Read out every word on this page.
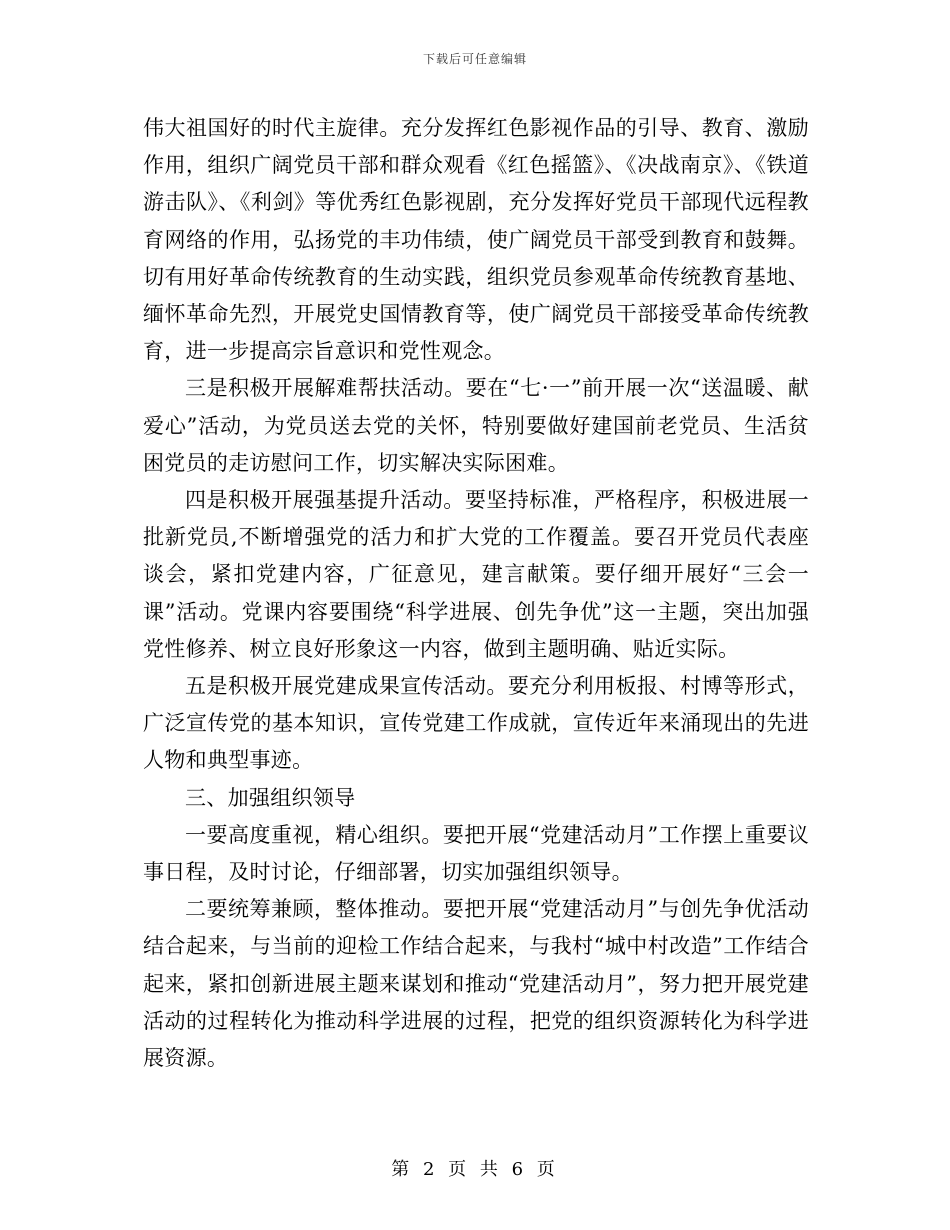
下载后可任意编辑

伟大祖国好的时代主旋律。充分发挥红色影视作品的引导、教育、激励作用，组织广阔党员干部和群众观看《红色摇篮》、《决战南京》、《铁道游击队》、《利剑》等优秀红色影视剧，充分发挥好党员干部现代远程教育网络的作用，弘扬党的丰功伟绩，使广阔党员干部受到教育和鼓舞。切有用好革命传统教育的生动实践，组织党员参观革命传统教育基地、缅怀革命先烈，开展党史国情教育等，使广阔党员干部接受革命传统教育，进一步提高宗旨意识和党性观念。

三是积极开展解难帮扶活动。要在“七·一”前开展一次“送温暖、献爱心”活动，为党员送去党的关怀，特别要做好建国前老党员、生活贫困党员的走访慰问工作，切实解决实际困难。

四是积极开展强基提升活动。要坚持标准，严格程序，积极进展一批新党员,不断增强党的活力和扩大党的工作覆盖。要召开党员代表座谈会，紧扣党建内容，广征意见，建言献策。要仔细开展好“三会一课”活动。党课内容要围绕“科学进展、创先争优”这一主题，突出加强党性修养、树立良好形象这一内容，做到主题明确、贴近实际。

五是积极开展党建成果宣传活动。要充分利用板报、村博等形式，广泛宣传党的基本知识，宣传党建工作成就，宣传近年来涌现出的先进人物和典型事迹。

三、加强组织领导

一要高度重视，精心组织。要把开展“党建活动月”工作摆上重要议事日程，及时讨论，仔细部署，切实加强组织领导。

二要统筹兼顾，整体推动。要把开展“党建活动月”与创先争优活动结合起来，与当前的迎检工作结合起来，与我村“城中村改造”工作结合起来，紧扣创新进展主题来谋划和推动“党建活动月”，努力把开展党建活动的过程转化为推动科学进展的过程，把党的组织资源转化为科学进展资源。

第 2 页 共 6 页
